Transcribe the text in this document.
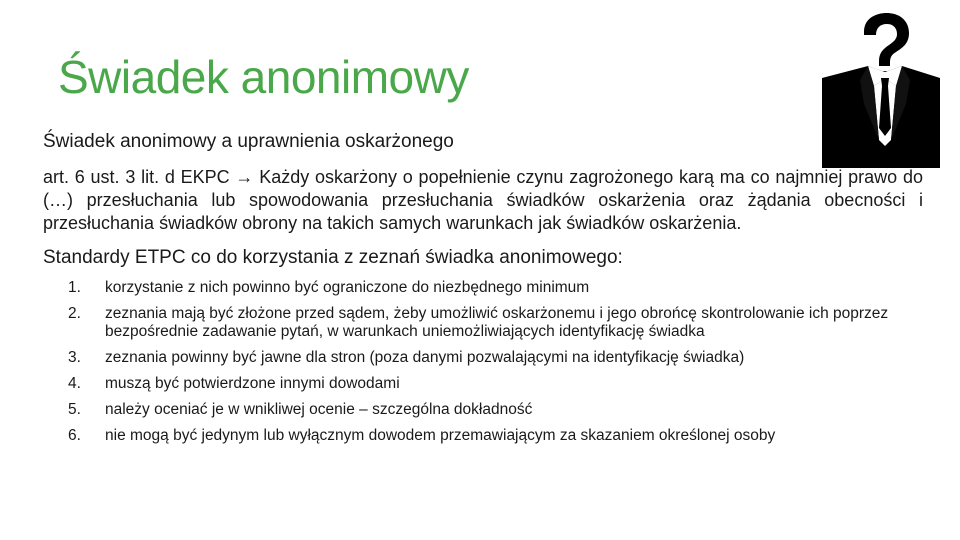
Świadek anonimowy

Świadek anonimowy a uprawnienia oskarżonego

art. 6 ust. 3 lit. d EKPC → Każdy oskarżony o popełnienie czynu zagrożonego karą ma co najmniej prawo do (…) przesłuchania lub spowodowania przesłuchania świadków oskarżenia oraz żądania obecności i przesłuchania świadków obrony na takich samych warunkach jak świadków oskarżenia.

Standardy ETPC co do korzystania z zeznań świadka anonimowego:

1. korzystanie z nich powinno być ograniczone do niezbędnego minimum
2. zeznania mają być złożone przed sądem, żeby umożliwić oskarżonemu i jego obrońcę skontrolowanie ich poprzez bezpośrednie zadawanie pytań, w warunkach uniemożliwiających identyfikację świadka
3. zeznania powinny być jawne dla stron (poza danymi pozwalającymi na identyfikację świadka)
4. muszą być potwierdzone innymi dowodami
5. należy oceniać je w wnikliwej ocenie – szczególna dokładność
6. nie mogą być jedynym lub wyłącznym dowodem przemawiającym za skazaniem określonej osoby
